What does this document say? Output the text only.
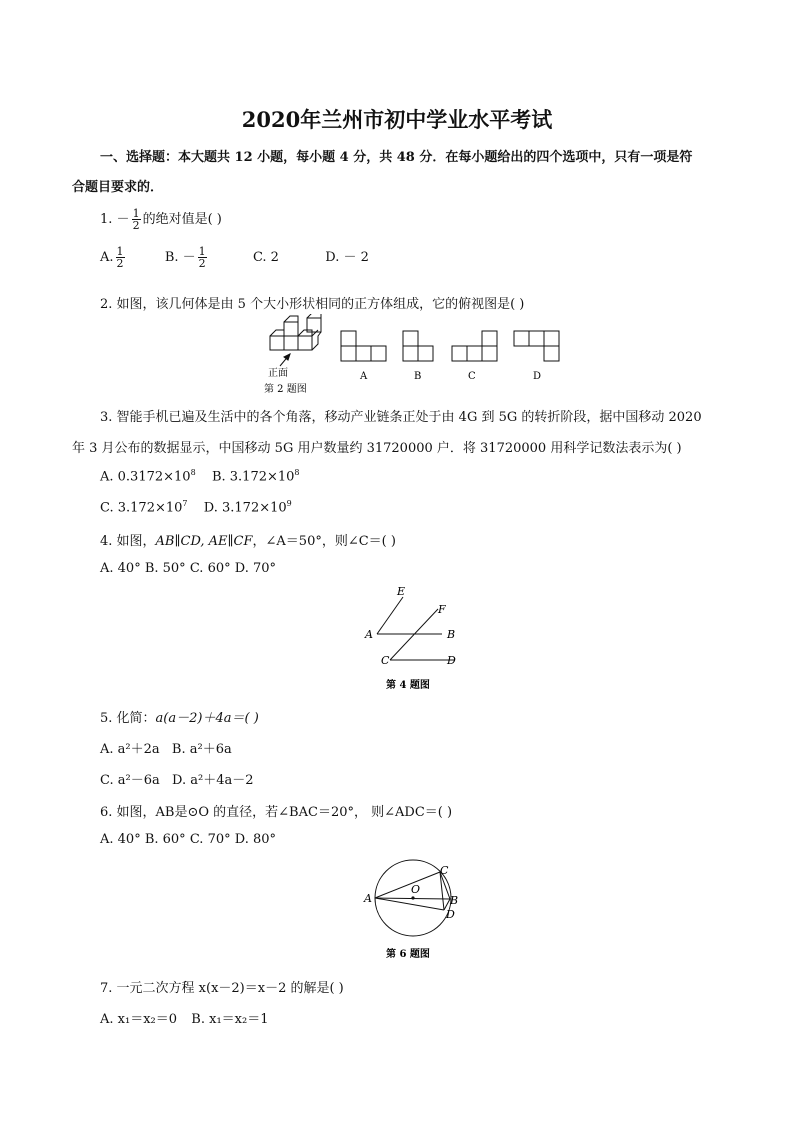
2020年兰州市初中学业水平考试
一、选择题：本大题共 12 小题，每小题 4 分，共 48 分．在每小题给出的四个选项中，只有一项是符
合题目要求的．
1. － $\frac{1}{2}$ 的绝对值是( )
A. $\frac{1}{2}$	B. － $\frac{1}{2}$	C. 2	D. － 2
2. 如图，该几何体是由 5 个大小形状相同的正方体组成，它的俯视图是( )
正面
第 2 题图
A	B	C	D
3. 智能手机已遍及生活中的各个角落，移动产业链条正处于由 4G 到 5G 的转折阶段，据中国移动 2020
年 3 月公布的数据显示，中国移动 5G 用户数量约 31720000 户．将 31720000 用科学记数法表示为( )
A. $0.3172\times 10^8$ B. $3.172\times 10^8$
C. $3.172\times 10^7$ D. $3.172\times 10^9$
4. 如图，AB∥CD, AE∥CF，∠A＝50°，则∠C＝( )
A. 40° B. 50° C. 60° D. 70°
E
F
A	B
C	D
第 4 题图
5. 化简：a(a－2)＋4a＝( )
A. a²＋2a B. a²＋6a
C. a²－6a D. a²＋4a－2
6. 如图，AB是⊙O 的直径，若∠BAC＝20°， 则∠ADC＝( )
A. 40° B. 60° C. 70° D. 80°
A
O
C
B
D
第 6 题图
7. 一元二次方程 x(x－2)＝x－2 的解是( )
A. x₁＝x₂＝0 B. x₁＝x₂＝1
